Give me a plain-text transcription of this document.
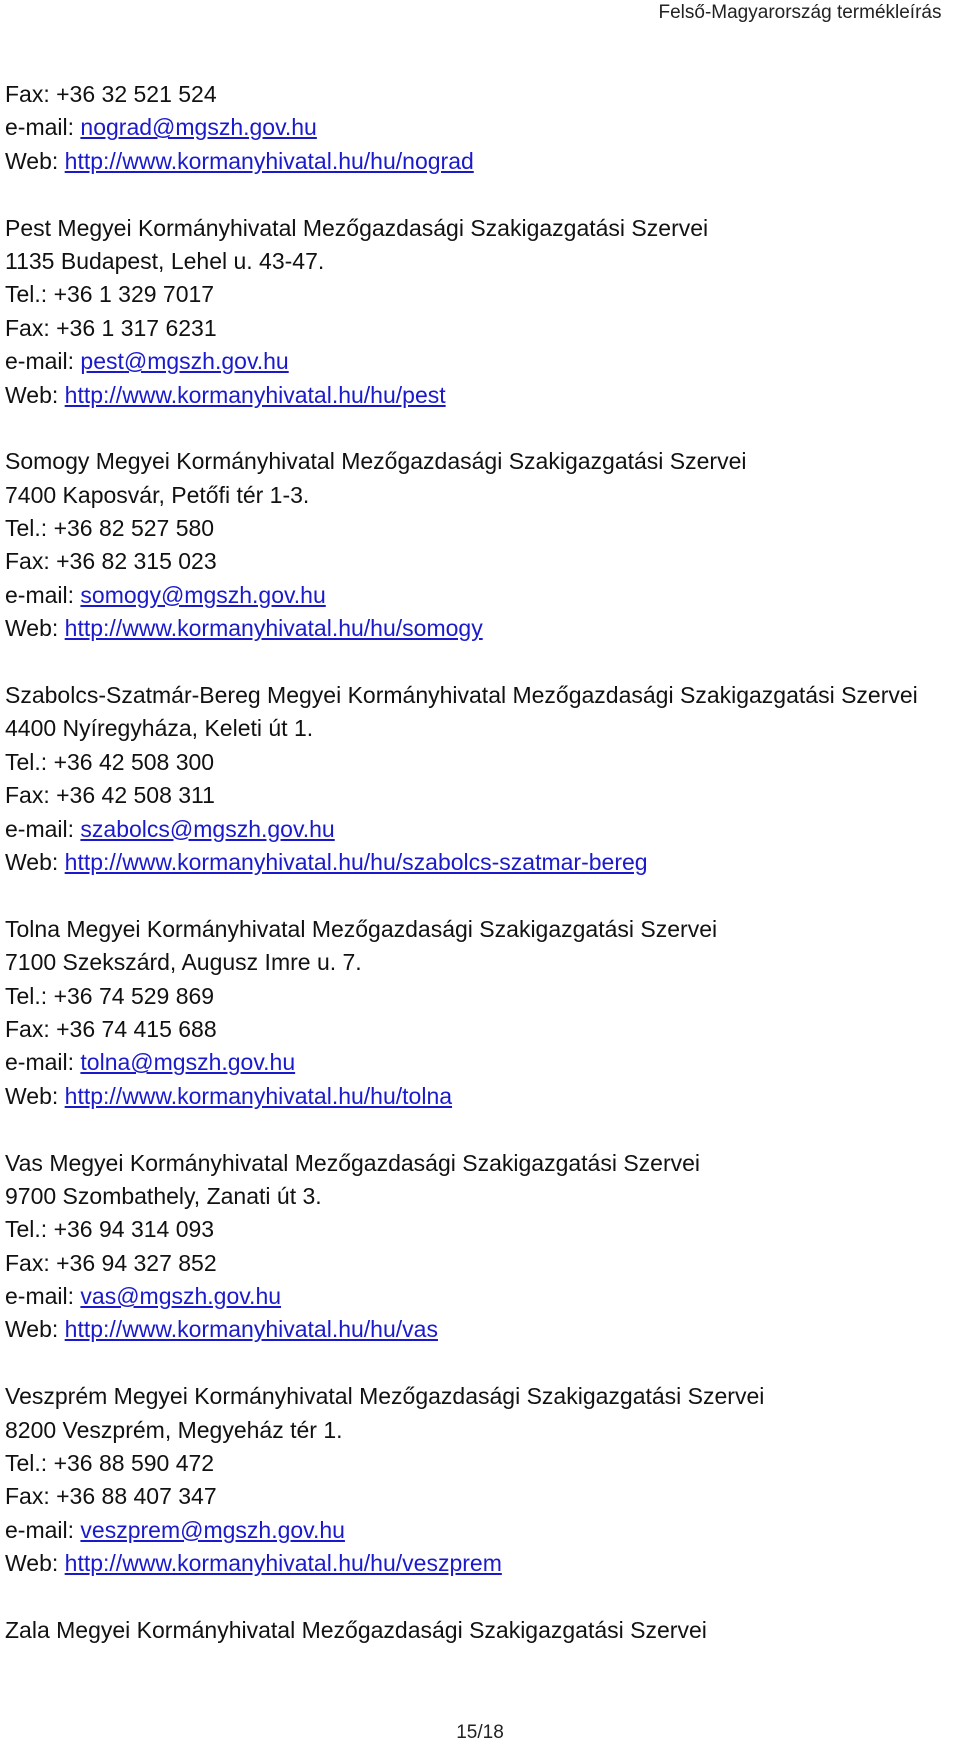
Felső-Magyarország termékleírás
Fax: +36 32 521 524
e-mail: nograd@mgszh.gov.hu
Web: http://www.kormanyhivatal.hu/hu/nograd
Pest Megyei Kormányhivatal Mezőgazdasági Szakigazgatási Szervei
1135 Budapest, Lehel u. 43-47.
Tel.: +36 1 329 7017
Fax: +36 1 317 6231
e-mail: pest@mgszh.gov.hu
Web: http://www.kormanyhivatal.hu/hu/pest
Somogy Megyei Kormányhivatal Mezőgazdasági Szakigazgatási Szervei
7400 Kaposvár, Petőfi tér 1-3.
Tel.: +36 82 527 580
Fax: +36 82 315 023
e-mail: somogy@mgszh.gov.hu
Web: http://www.kormanyhivatal.hu/hu/somogy
Szabolcs-Szatmár-Bereg Megyei Kormányhivatal Mezőgazdasági Szakigazgatási Szervei
4400 Nyíregyháza, Keleti út 1.
Tel.: +36 42 508 300
Fax: +36 42 508 311
e-mail: szabolcs@mgszh.gov.hu
Web: http://www.kormanyhivatal.hu/hu/szabolcs-szatmar-bereg
Tolna Megyei Kormányhivatal Mezőgazdasági Szakigazgatási Szervei
7100 Szekszárd, Augusz Imre u. 7.
Tel.: +36 74 529 869
Fax: +36 74 415 688
e-mail: tolna@mgszh.gov.hu
Web: http://www.kormanyhivatal.hu/hu/tolna
Vas Megyei Kormányhivatal Mezőgazdasági Szakigazgatási Szervei
9700 Szombathely, Zanati út 3.
Tel.: +36 94 314 093
Fax: +36 94 327 852
e-mail: vas@mgszh.gov.hu
Web: http://www.kormanyhivatal.hu/hu/vas
Veszprém Megyei Kormányhivatal Mezőgazdasági Szakigazgatási Szervei
8200 Veszprém, Megyeház tér 1.
Tel.: +36 88 590 472
Fax: +36 88 407 347
e-mail: veszprem@mgszh.gov.hu
Web: http://www.kormanyhivatal.hu/hu/veszprem
Zala Megyei Kormányhivatal Mezőgazdasági Szakigazgatási Szervei
15/18
